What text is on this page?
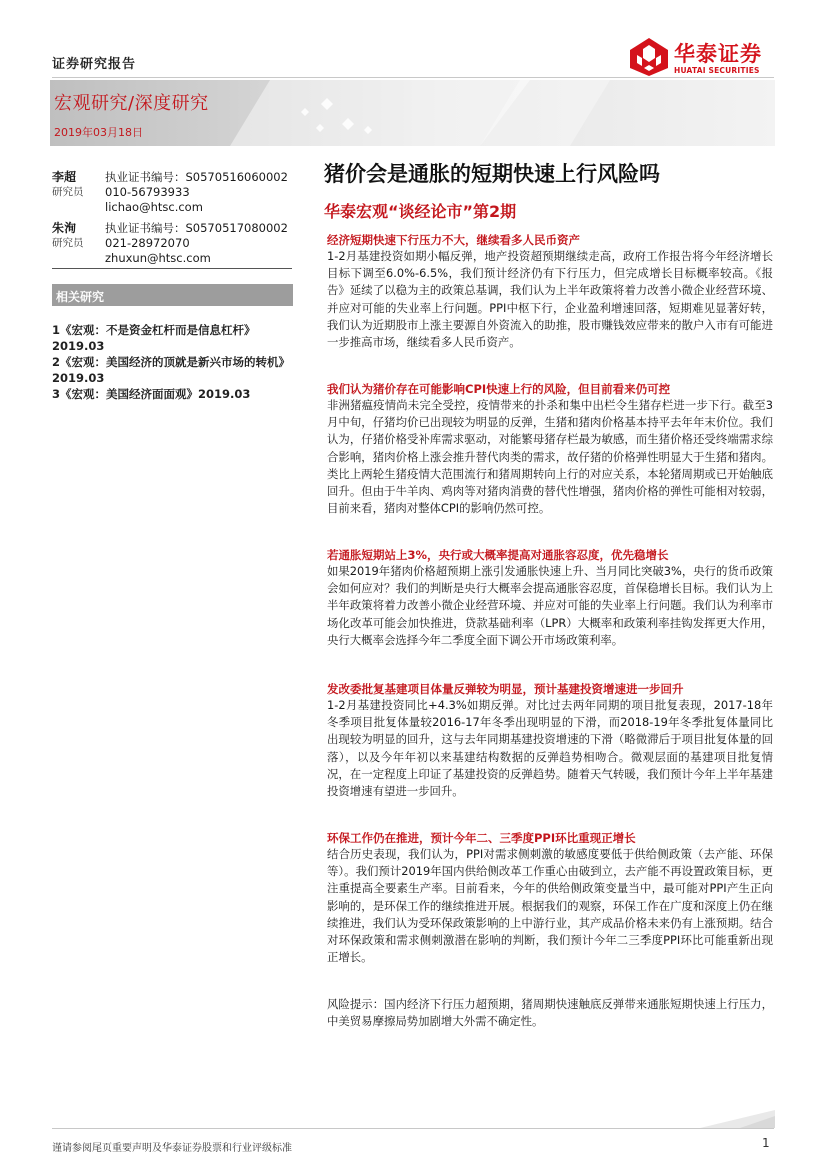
证券研究报告	华泰证券
HUATAI SECURITIES
宏观研究/深度研究
2019年03月18日
李超
研究员
执业证书编号：S0570516060002
010-56793933
lichao@htsc.com
朱洵
研究员
执业证书编号：S0570517080002
021-28972070
zhuxun@htsc.com
相关研究
1《宏观：不是资金杠杆而是信息杠杆》2019.03
2《宏观：美国经济的顶就是新兴市场的转机》2019.03
3《宏观：美国经济面面观》2019.03
猪价会是通胀的短期快速上行风险吗
华泰宏观“谈经论市”第2期
经济短期快速下行压力不大，继续看多人民币资产
1-2月基建投资如期小幅反弹，地产投资超预期继续走高，政府工作报告将今年经济增长目标下调至6.0%-6.5%，我们预计经济仍有下行压力，但完成增长目标概率较高。《报告》延续了以稳为主的政策总基调，我们认为上半年政策将着力改善小微企业经营环境、并应对可能的失业率上行问题。PPI中枢下行，企业盈利增速回落，短期难见显著好转，我们认为近期股市上涨主要源自外资流入的助推，股市赚钱效应带来的散户入市有可能进一步推高市场，继续看多人民币资产。
我们认为猪价存在可能影响CPI快速上行的风险，但目前看来仍可控
非洲猪瘟疫情尚未完全受控，疫情带来的扑杀和集中出栏令生猪存栏进一步下行。截至3月中旬，仔猪均价已出现较为明显的反弹，生猪和猪肉价格基本持平去年年末价位。我们认为，仔猪价格受补库需求驱动，对能繁母猪存栏最为敏感，而生猪价格还受终端需求综合影响，猪肉价格上涨会推升替代肉类的需求，故仔猪的价格弹性明显大于生猪和猪肉。类比上两轮生猪疫情大范围流行和猪周期转向上行的对应关系，本轮猪周期或已开始触底回升。但由于牛羊肉、鸡肉等对猪肉消费的替代性增强，猪肉价格的弹性可能相对较弱，目前来看，猪肉对整体CPI的影响仍然可控。
若通胀短期站上3%，央行或大概率提高对通胀容忍度，优先稳增长
如果2019年猪肉价格超预期上涨引发通胀快速上升、当月同比突破3%，央行的货币政策会如何应对？我们的判断是央行大概率会提高通胀容忍度，首保稳增长目标。我们认为上半年政策将着力改善小微企业经营环境、并应对可能的失业率上行问题。我们认为利率市场化改革可能会加快推进，贷款基础利率（LPR）大概率和政策利率挂钩发挥更大作用，央行大概率会选择今年二季度全面下调公开市场政策利率。
发改委批复基建项目体量反弹较为明显，预计基建投资增速进一步回升
1-2月基建投资同比+4.3%如期反弹。对比过去两年同期的项目批复表现，2017-18年冬季项目批复体量较2016-17年冬季出现明显的下滑，而2018-19年冬季批复体量同比出现较为明显的回升，这与去年同期基建投资增速的下滑（略微滞后于项目批复体量的回落），以及今年年初以来基建结构数据的反弹趋势相吻合。微观层面的基建项目批复情况，在一定程度上印证了基建投资的反弹趋势。随着天气转暖，我们预计今年上半年基建投资增速有望进一步回升。
环保工作仍在推进，预计今年二、三季度PPI环比重现正增长
结合历史表现，我们认为，PPI对需求侧刺激的敏感度要低于供给侧政策（去产能、环保等）。我们预计2019年国内供给侧改革工作重心由破到立，去产能不再设置政策目标，更注重提高全要素生产率。目前看来，今年的供给侧政策变量当中，最可能对PPI产生正向影响的，是环保工作的继续推进开展。根据我们的观察，环保工作在广度和深度上仍在继续推进，我们认为受环保政策影响的上中游行业，其产成品价格未来仍有上涨预期。结合对环保政策和需求侧刺激潜在影响的判断，我们预计今年二三季度PPI环比可能重新出现正增长。
风险提示：国内经济下行压力超预期，猪周期快速触底反弹带来通胀短期快速上行压力，中美贸易摩擦局势加剧增大外需不确定性。
谨请参阅尾页重要声明及华泰证券股票和行业评级标准	1
